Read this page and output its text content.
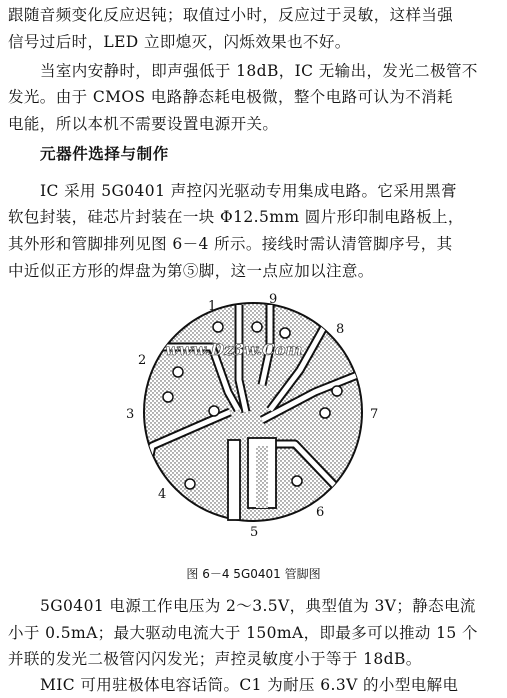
跟随音频变化反应迟钝；取值过小时，反应过于灵敏，这样当强
信号过后时，LED 立即熄灭，闪烁效果也不好。
当室内安静时，即声强低于 18dB，IC 无输出，发光二极管不
发光。由于 CMOS 电路静态耗电极微，整个电路可认为不消耗
电能，所以本机不需要设置电源开关。
元器件选择与制作
IC 采用 5G0401 声控闪光驱动专用集成电路。它采用黑膏
软包封装，硅芯片封装在一块 Φ12.5mm 圆片形印制电路板上，
其外形和管脚排列见图 6－4 所示。接线时需认清管脚序号，其
中近似正方形的焊盘为第⑤脚，这一点应加以注意。
1
2
3
4
5
6
7
8
9
www.Dz3w.Com
图 6－4 5G0401 管脚图
5G0401 电源工作电压为 2～3.5V，典型值为 3V；静态电流
小于 0.5mA；最大驱动电流大于 150mA，即最多可以推动 15 个
并联的发光二极管闪闪发光；声控灵敏度小于等于 18dB。
MIC 可用驻极体电容话筒。C1 为耐压 6.3V 的小型电解电
